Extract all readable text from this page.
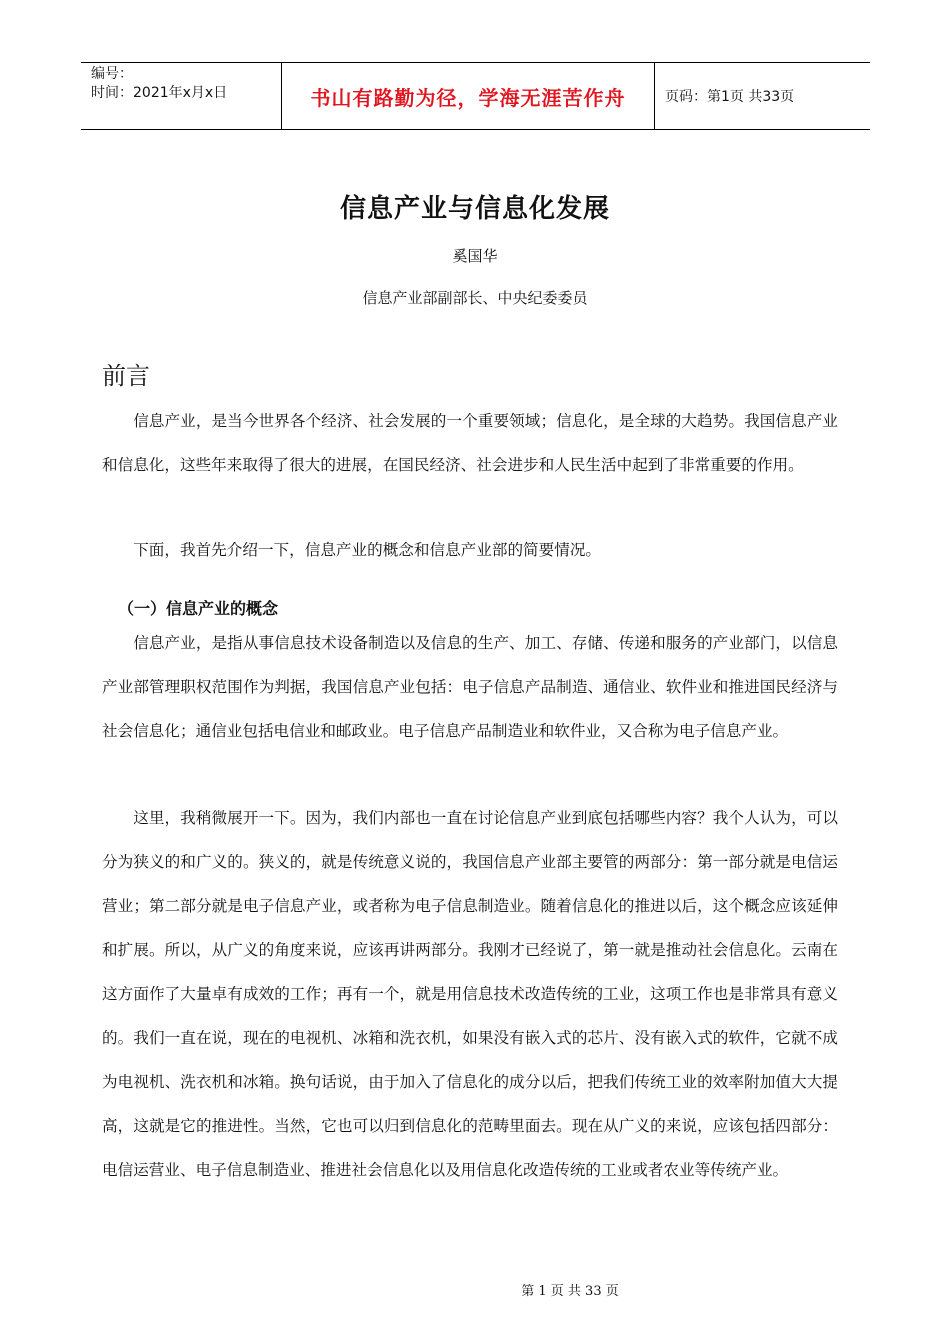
编号：
时间：2021年x月x日	书山有路勤为径，学海无涯苦作舟	页码：第1页 共33页
信息产业与信息化发展
奚国华
信息产业部副部长、中央纪委委员
前言

信息产业，是当今世界各个经济、社会发展的一个重要领域；信息化，是全球的大趋势。我国信息产业和信息化，这些年来取得了很大的进展，在国民经济、社会进步和人民生活中起到了非常重要的作用。

下面，我首先介绍一下，信息产业的概念和信息产业部的简要情况。

（一）信息产业的概念

信息产业，是指从事信息技术设备制造以及信息的生产、加工、存储、传递和服务的产业部门，以信息产业部管理职权范围作为判据，我国信息产业包括：电子信息产品制造、通信业、软件业和推进国民经济与社会信息化；通信业包括电信业和邮政业。电子信息产品制造业和软件业，又合称为电子信息产业。

这里，我稍微展开一下。因为，我们内部也一直在讨论信息产业到底包括哪些内容？我个人认为，可以分为狭义的和广义的。狭义的，就是传统意义说的，我国信息产业部主要管的两部分：第一部分就是电信运营业；第二部分就是电子信息产业，或者称为电子信息制造业。随着信息化的推进以后，这个概念应该延伸和扩展。所以，从广义的角度来说，应该再讲两部分。我刚才已经说了，第一就是推动社会信息化。云南在这方面作了大量卓有成效的工作；再有一个，就是用信息技术改造传统的工业，这项工作也是非常具有意义的。我们一直在说，现在的电视机、冰箱和洗衣机，如果没有嵌入式的芯片、没有嵌入式的软件，它就不成为电视机、洗衣机和冰箱。换句话说，由于加入了信息化的成分以后，把我们传统工业的效率附加值大大提高，这就是它的推进性。当然，它也可以归到信息化的范畴里面去。现在从广义的来说，应该包括四部分：电信运营业、电子信息制造业、推进社会信息化以及用信息化改造传统的工业或者农业等传统产业。

第 1 页 共 33 页
